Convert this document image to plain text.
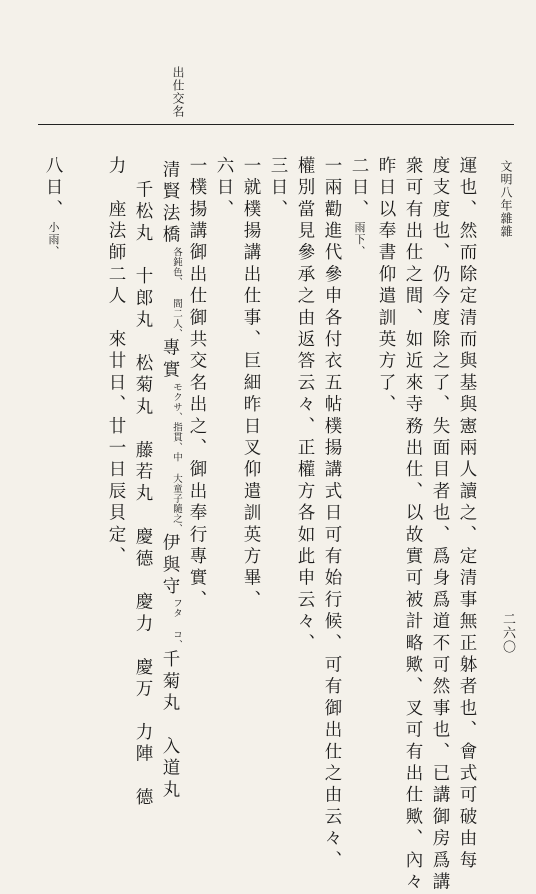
文明八年雜雜
二六〇
出仕交名
運也、然而除定清而與基與憲兩人讀之、定清事無正躰者也、會式可破由每
度支度也、仍今度除之了、失面目者也、爲身爲道不可然事也、已講御房爲講
衆可有出仕之間、如近來寺務出仕、以故實可被計略歟、叉可有出仕歟、內々
昨日以奉書仰遣訓英方了、
二日、雨下、
一兩勸進代參申各付衣五帖樸揚講式日可有始行候、可有御出仕之由云々、
權別當見參承之由返答云々、正權方各如此申云々、
三日、
一就樸揚講出仕事、巨細昨日叉仰遣訓英方畢、
六日、
一樸揚講御出仕御共交名出之、御出奉行專實、
清賢法橋各鈍色、 間二人、專實モクサ、指貫、中 大童子隨之、伊與守フタ コ、千菊丸　入道丸
千松丸　十郎丸　松菊丸　藤若丸　慶德　慶力　慶万　力陣　德
力　座法師二人　來廿日、廿一日辰貝定、
八日、小雨、
